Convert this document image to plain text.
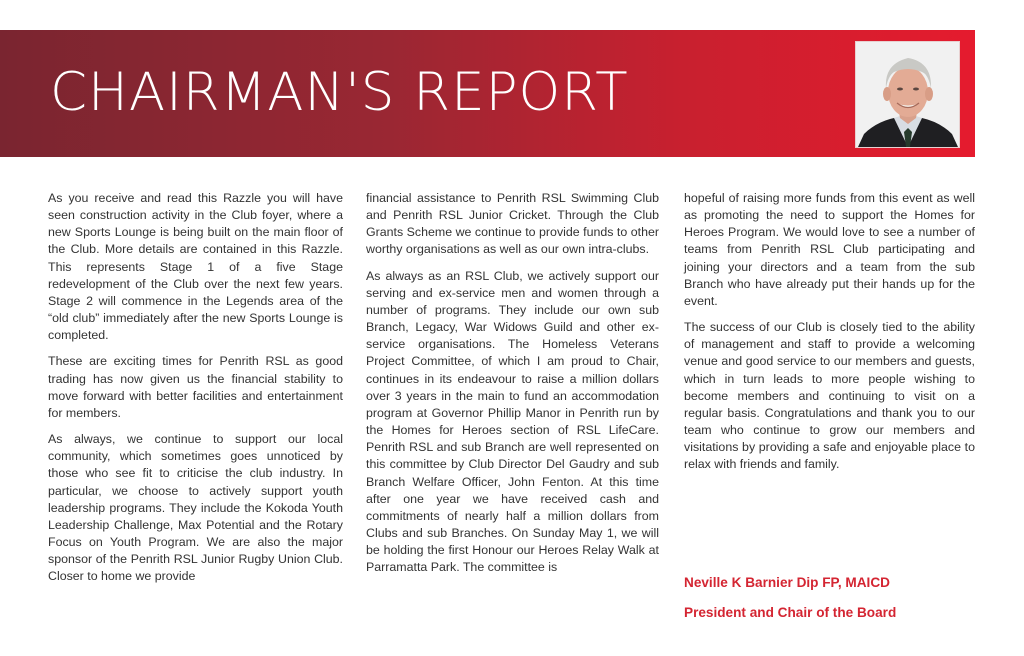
CHAIRMAN'S REPORT

As you receive and read this Razzle you will have seen construction activity in the Club foyer, where a new Sports Lounge is being built on the main floor of the Club. More details are contained in this Razzle. This represents Stage 1 of a five Stage redevelopment of the Club over the next few years. Stage 2 will commence in the Legends area of the “old club” immediately after the new Sports Lounge is completed.

These are exciting times for Penrith RSL as good trading has now given us the financial stability to move forward with better facilities and entertainment for members.

As always, we continue to support our local community, which sometimes goes unnoticed by those who see fit to criticise the club industry. In particular, we choose to actively support youth leadership programs. They include the Kokoda Youth Leadership Challenge, Max Potential and the Rotary Focus on Youth Program. We are also the major sponsor of the Penrith RSL Junior Rugby Union Club. Closer to home we provide

financial assistance to Penrith RSL Swimming Club and Penrith RSL Junior Cricket. Through the Club Grants Scheme we continue to provide funds to other worthy organisations as well as our own intra-clubs.

As always as an RSL Club, we actively support our serving and ex-service men and women through a number of programs. They include our own sub Branch, Legacy, War Widows Guild and other ex-service organisations. The Homeless Veterans Project Committee, of which I am proud to Chair, continues in its endeavour to raise a million dollars over 3 years in the main to fund an accommodation program at Governor Phillip Manor in Penrith run by the Homes for Heroes section of RSL LifeCare. Penrith RSL and sub Branch are well represented on this committee by Club Director Del Gaudry and sub Branch Welfare Officer, John Fenton. At this time after one year we have received cash and commitments of nearly half a million dollars from Clubs and sub Branches. On Sunday May 1, we will be holding the first Honour our Heroes Relay Walk at Parramatta Park. The committee is

hopeful of raising more funds from this event as well as promoting the need to support the Homes for Heroes Program. We would love to see a number of teams from Penrith RSL Club participating and joining your directors and a team from the sub Branch who have already put their hands up for the event.

The success of our Club is closely tied to the ability of management and staff to provide a welcoming venue and good service to our members and guests, which in turn leads to more people wishing to become members and continuing to visit on a regular basis. Congratulations and thank you to our team who continue to grow our members and visitations by providing a safe and enjoyable place to relax with friends and family.

Neville K Barnier Dip FP, MAICD
President and Chair of the Board
